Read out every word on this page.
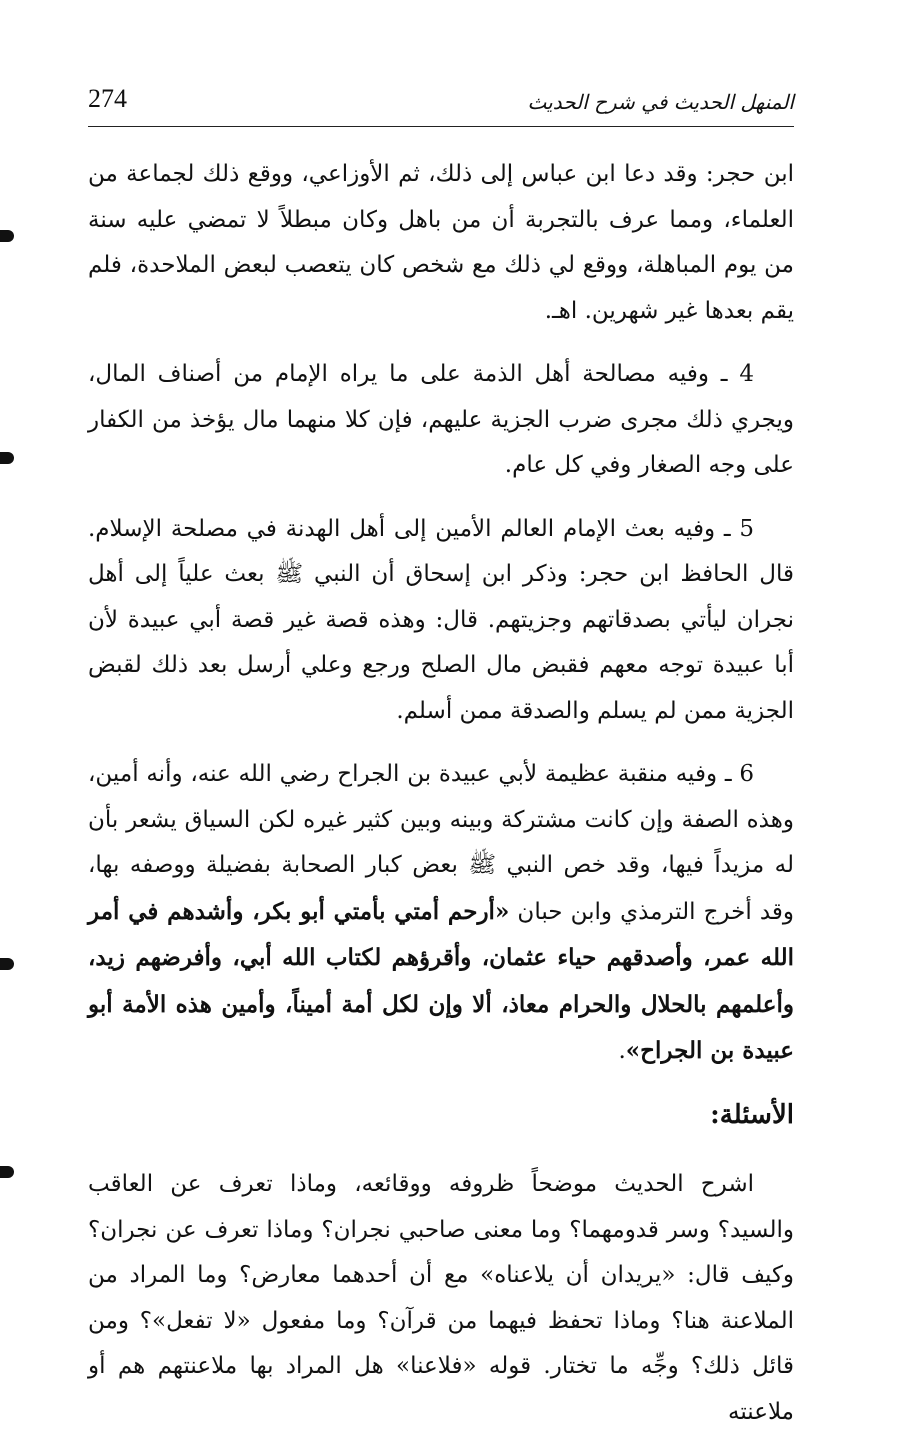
274	المنهل الحديث في شرح الحديث

ابن حجر: وقد دعا ابن عباس إلى ذلك، ثم الأوزاعي، ووقع ذلك لجماعة من العلماء، ومما عرف بالتجربة أن من باهل وكان مبطلاً لا تمضي عليه سنة من يوم المباهلة، ووقع لي ذلك مع شخص كان يتعصب لبعض الملاحدة، فلم يقم بعدها غير شهرين. اهـ.

4 ـ وفيه مصالحة أهل الذمة على ما يراه الإمام من أصناف المال، ويجري ذلك مجرى ضرب الجزية عليهم، فإن كلا منهما مال يؤخذ من الكفار على وجه الصغار وفي كل عام.

5 ـ وفيه بعث الإمام العالم الأمين إلى أهل الهدنة في مصلحة الإسلام. قال الحافظ ابن حجر: وذكر ابن إسحاق أن النبي ﷺ بعث علياً إلى أهل نجران ليأتي بصدقاتهم وجزيتهم. قال: وهذه قصة غير قصة أبي عبيدة لأن أبا عبيدة توجه معهم فقبض مال الصلح ورجع وعلي أرسل بعد ذلك لقبض الجزية ممن لم يسلم والصدقة ممن أسلم.

6 ـ وفيه منقبة عظيمة لأبي عبيدة بن الجراح رضي الله عنه، وأنه أمين، وهذه الصفة وإن كانت مشتركة وبينه وبين كثير غيره لكن السياق يشعر بأن له مزيداً فيها، وقد خص النبي ﷺ بعض كبار الصحابة بفضيلة ووصفه بها، وقد أخرج الترمذي وابن حبان «أرحم أمتي بأمتي أبو بكر، وأشدهم في أمر الله عمر، وأصدقهم حياء عثمان، وأقرؤهم لكتاب الله أبي، وأفرضهم زيد، وأعلمهم بالحلال والحرام معاذ، ألا وإن لكل أمة أميناً، وأمين هذه الأمة أبو عبيدة بن الجراح».

الأسئلة:

اشرح الحديث موضحاً ظروفه ووقائعه، وماذا تعرف عن العاقب والسيد؟ وسر قدومهما؟ وما معنى صاحبي نجران؟ وماذا تعرف عن نجران؟ وكيف قال: «يريدان أن يلاعناه» مع أن أحدهما معارض؟ وما المراد من الملاعنة هنا؟ وماذا تحفظ فيهما من قرآن؟ وما مفعول «لا تفعل»؟ ومن قائل ذلك؟ وجِّه ما تختار. قوله «فلاعنا» هل المراد بها ملاعنتهم هم أو ملاعنته
